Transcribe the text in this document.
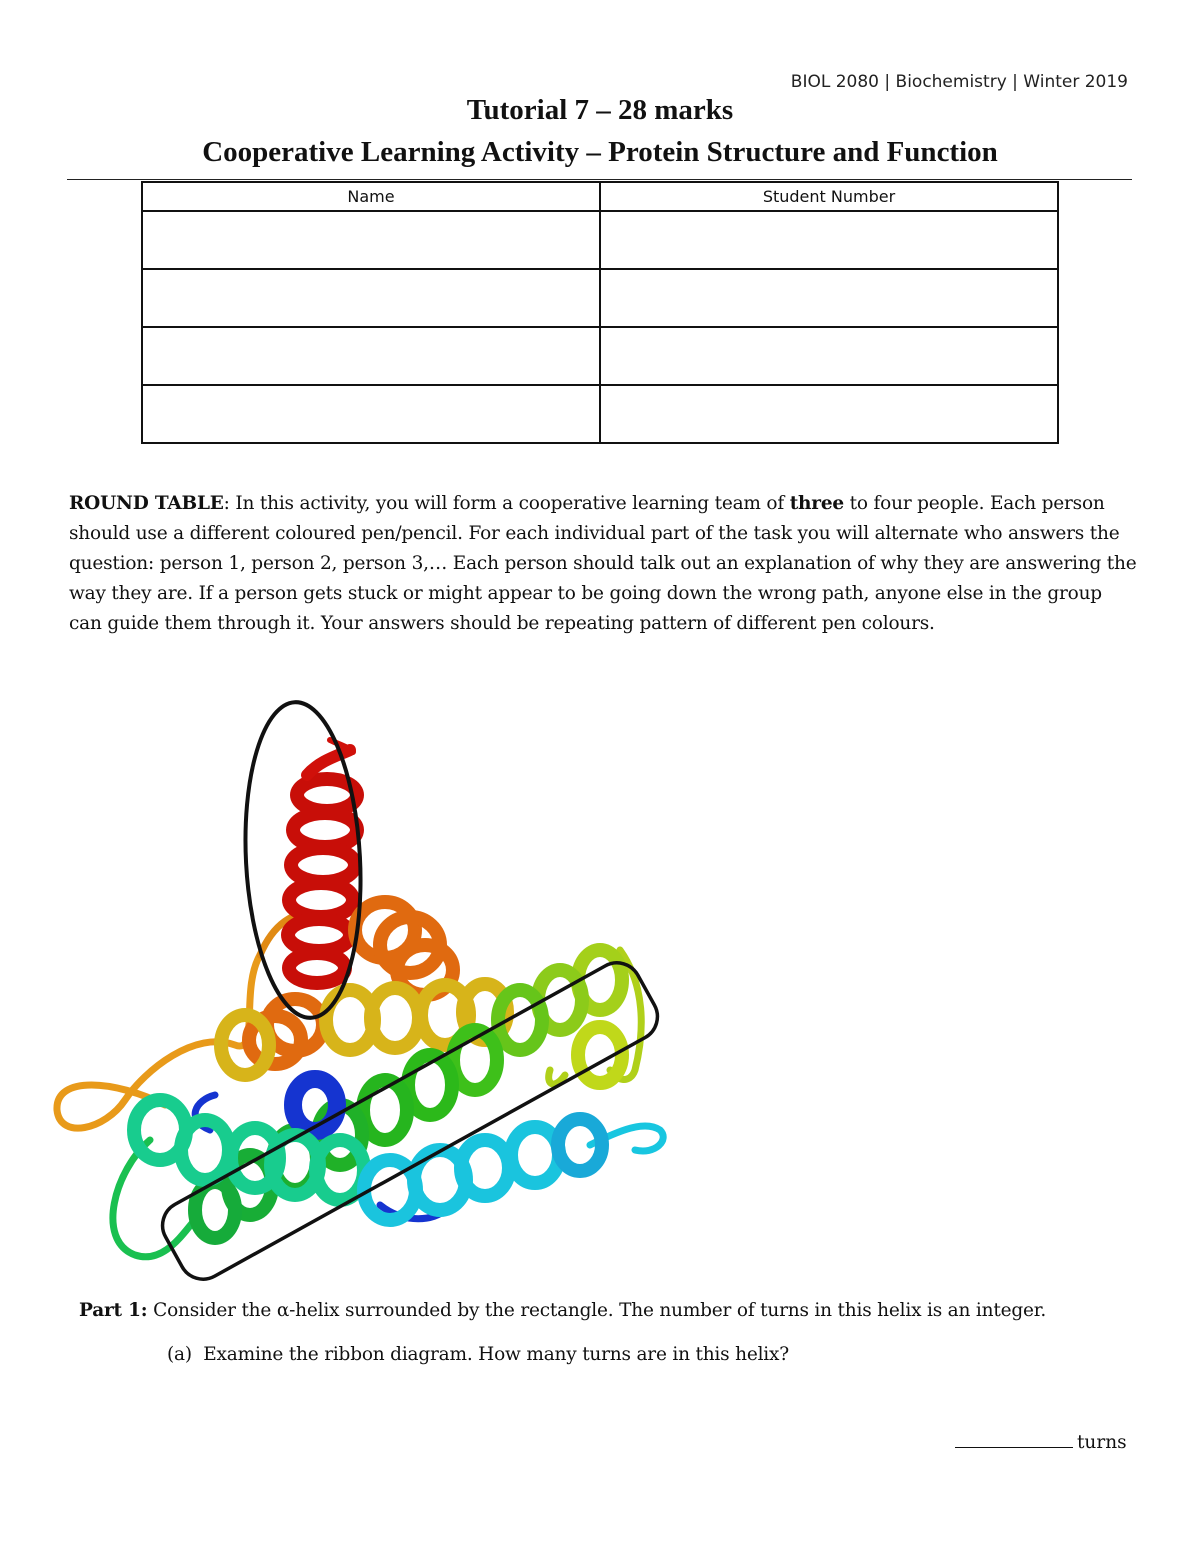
BIOL 2080 | Biochemistry | Winter 2019
Tutorial 7 – 28 marks
Cooperative Learning Activity – Protein Structure and Function
Name	Student Number

ROUND TABLE: In this activity, you will form a cooperative learning team of three to four people. Each person should use a different coloured pen/pencil. For each individual part of the task you will alternate who answers the question: person 1, person 2, person 3,… Each person should talk out an explanation of why they are answering the way they are. If a person gets stuck or might appear to be going down the wrong path, anyone else in the group can guide them through it. Your answers should be repeating pattern of different pen colours.
Part 1: Consider the α-helix surrounded by the rectangle. The number of turns in this helix is an integer.
(a) Examine the ribbon diagram. How many turns are in this helix?
turns
